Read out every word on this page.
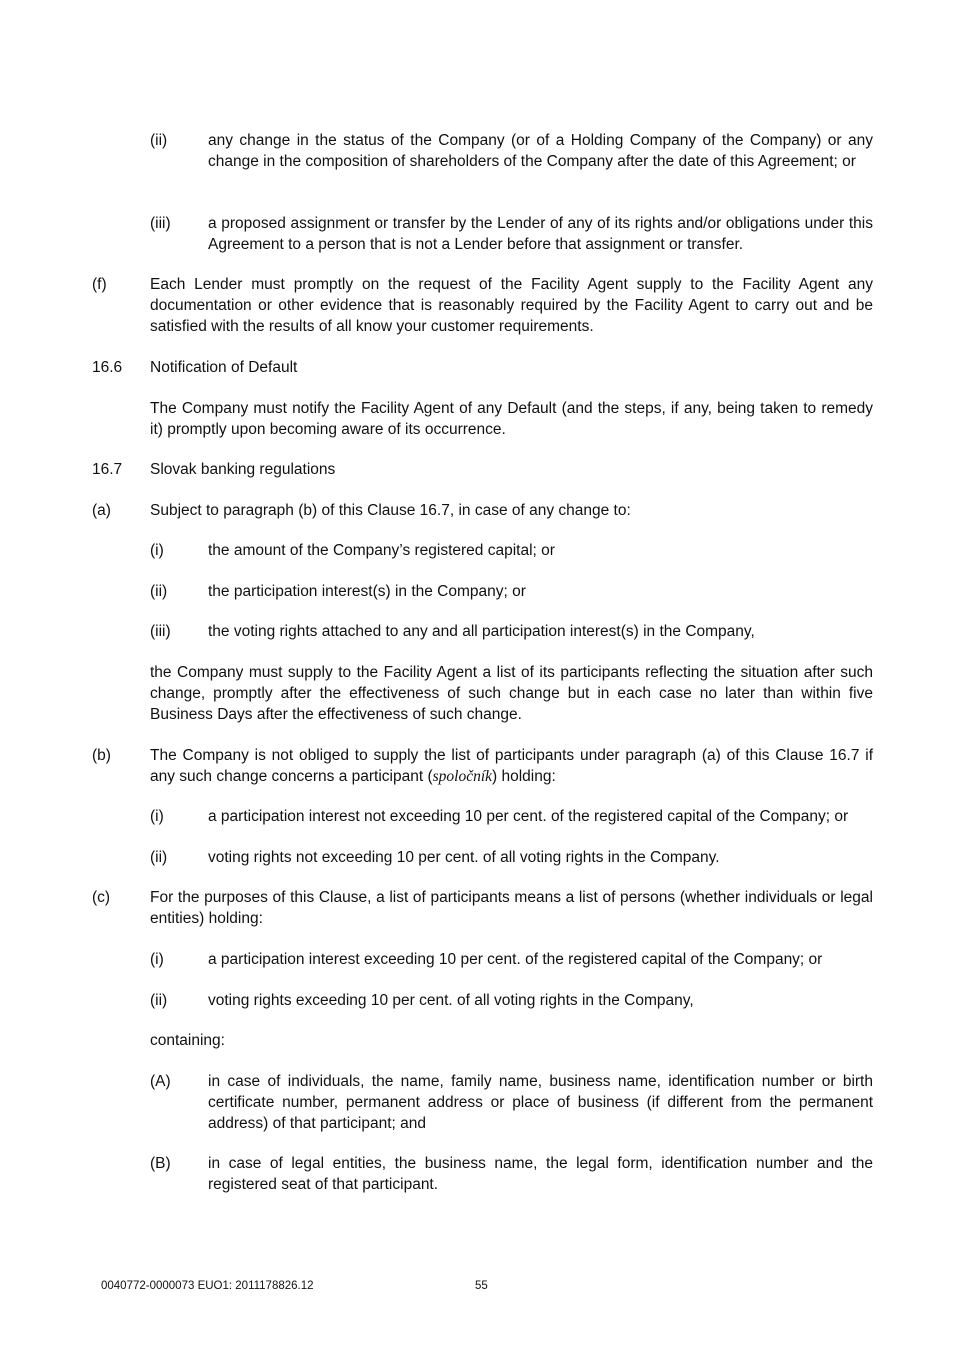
(ii)	any change in the status of the Company (or of a Holding Company of the Company) or any change in the composition of shareholders of the Company after the date of this Agreement; or
(iii) a proposed assignment or transfer by the Lender of any of its rights and/or obligations under this Agreement to a person that is not a Lender before that assignment or transfer.
(f)	Each Lender must promptly on the request of the Facility Agent supply to the Facility Agent any documentation or other evidence that is reasonably required by the Facility Agent to carry out and be satisfied with the results of all know your customer requirements.
16.6 Notification of Default
The Company must notify the Facility Agent of any Default (and the steps, if any, being taken to remedy it) promptly upon becoming aware of its occurrence.
16.7 Slovak banking regulations
(a)	Subject to paragraph (b) of this Clause 16.7, in case of any change to:
(i)	the amount of the Company’s registered capital; or
(ii)	the participation interest(s) in the Company; or
(iii) the voting rights attached to any and all participation interest(s) in the Company,
the Company must supply to the Facility Agent a list of its participants reflecting the situation after such change, promptly after the effectiveness of such change but in each case no later than within five Business Days after the effectiveness of such change.
(b)	The Company is not obliged to supply the list of participants under paragraph (a) of this Clause 16.7 if any such change concerns a participant (spoločník) holding:
(i)	a participation interest not exceeding 10 per cent. of the registered capital of the Company; or
(ii)	voting rights not exceeding 10 per cent. of all voting rights in the Company.
(c)	For the purposes of this Clause, a list of participants means a list of persons (whether individuals or legal entities) holding:
(i)	a participation interest exceeding 10 per cent. of the registered capital of the Company; or
(ii)	voting rights exceeding 10 per cent. of all voting rights in the Company,
containing:
(A) in case of individuals, the name, family name, business name, identification number or birth certificate number, permanent address or place of business (if different from the permanent address) of that participant; and
(B) in case of legal entities, the business name, the legal form, identification number and the registered seat of that participant.
0040772-0000073 EUO1: 2011178826.12	55
